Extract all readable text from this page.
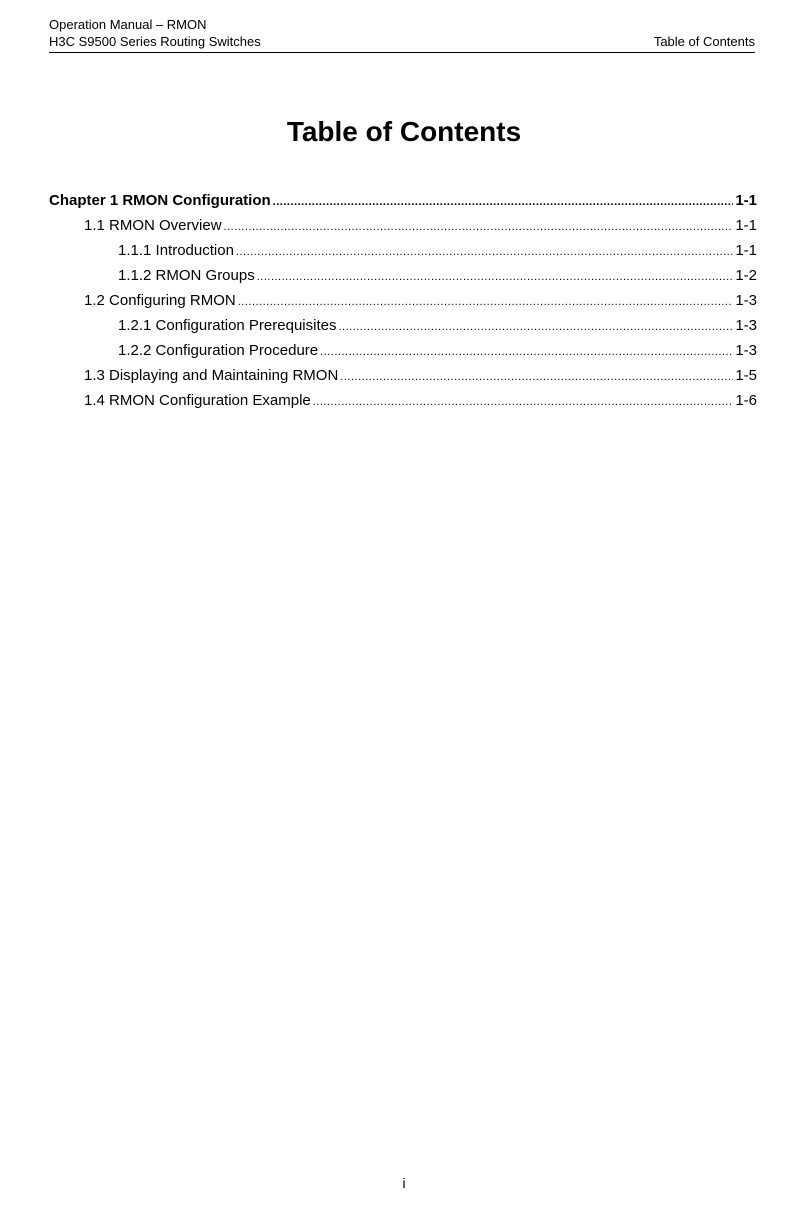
Operation Manual – RMON
H3C S9500 Series Routing Switches	Table of Contents
Table of Contents
Chapter 1 RMON Configuration .....	1-1
1.1 RMON Overview .....	1-1
1.1.1 Introduction .....	1-1
1.1.2 RMON Groups .....	1-2
1.2 Configuring RMON .....	1-3
1.2.1 Configuration Prerequisites .....	1-3
1.2.2 Configuration Procedure .....	1-3
1.3 Displaying and Maintaining RMON .....	1-5
1.4 RMON Configuration Example .....	1-6
i
